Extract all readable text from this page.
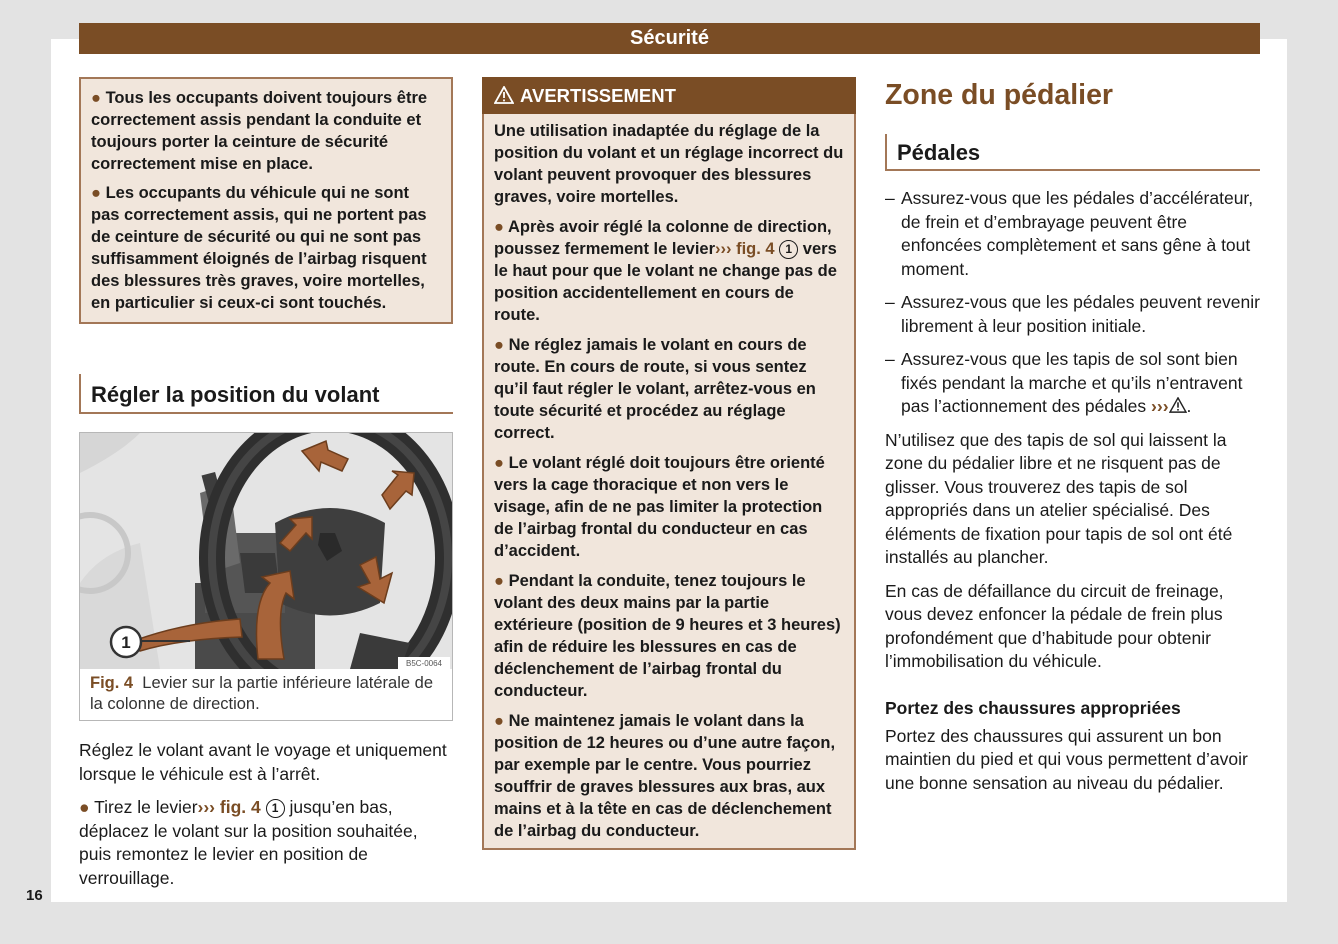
Sécurité
16

● Tous les occupants doivent toujours être correctement assis pendant la conduite et toujours porter la ceinture de sécurité correctement mise en place.

● Les occupants du véhicule qui ne sont pas correctement assis, qui ne portent pas de ceinture de sécurité ou qui ne sont pas suffisamment éloignés de l’airbag risquent des blessures très graves, voire mortelles, en particulier si ceux-ci sont touchés.

Régler la position du volant
1
B5C-0064
Fig. 4 Levier sur la partie inférieure latérale de la colonne de direction.

Réglez le volant avant le voyage et uniquement lorsque le véhicule est à l’arrêt.

● Tirez le levier››› fig. 4 1 jusqu’en bas, déplacez le volant sur la position souhaitée, puis remontez le levier en position de verrouillage.

AVERTISSEMENT

Une utilisation inadaptée du réglage de la position du volant et un réglage incorrect du volant peuvent provoquer des blessures graves, voire mortelles.

● Après avoir réglé la colonne de direction, poussez fermement le levier››› fig. 4 1 vers le haut pour que le volant ne change pas de position accidentellement en cours de route.

● Ne réglez jamais le volant en cours de route. En cours de route, si vous sentez qu’il faut régler le volant, arrêtez-vous en toute sécurité et procédez au réglage correct.

● Le volant réglé doit toujours être orienté vers la cage thoracique et non vers le visage, afin de ne pas limiter la protection de l’airbag frontal du conducteur en cas d’accident.

● Pendant la conduite, tenez toujours le volant des deux mains par la partie extérieure (position de 9 heures et 3 heures) afin de réduire les blessures en cas de déclenchement de l’airbag frontal du conducteur.

● Ne maintenez jamais le volant dans la position de 12 heures ou d’une autre façon, par exemple par le centre. Vous pourriez souffrir de graves blessures aux bras, aux mains et à la tête en cas de déclenchement de l’airbag du conducteur.

Zone du pédalier
Pédales
– Assurez-vous que les pédales d’accélérateur, de frein et d’embrayage peuvent être enfoncées complètement et sans gêne à tout moment.
– Assurez-vous que les pédales peuvent revenir librement à leur position initiale.
– Assurez-vous que les tapis de sol sont bien fixés pendant la marche et qu’ils n’entravent pas l’actionnement des pédales ››› .

N’utilisez que des tapis de sol qui laissent la zone du pédalier libre et ne risquent pas de glisser. Vous trouverez des tapis de sol appropriés dans un atelier spécialisé. Des éléments de fixation pour tapis de sol ont été installés au plancher.

En cas de défaillance du circuit de freinage, vous devez enfoncer la pédale de frein plus profondément que d’habitude pour obtenir l’immobilisation du véhicule.

Portez des chaussures appropriées

Portez des chaussures qui assurent un bon maintien du pied et qui vous permettent d’avoir une bonne sensation au niveau du pédalier.
